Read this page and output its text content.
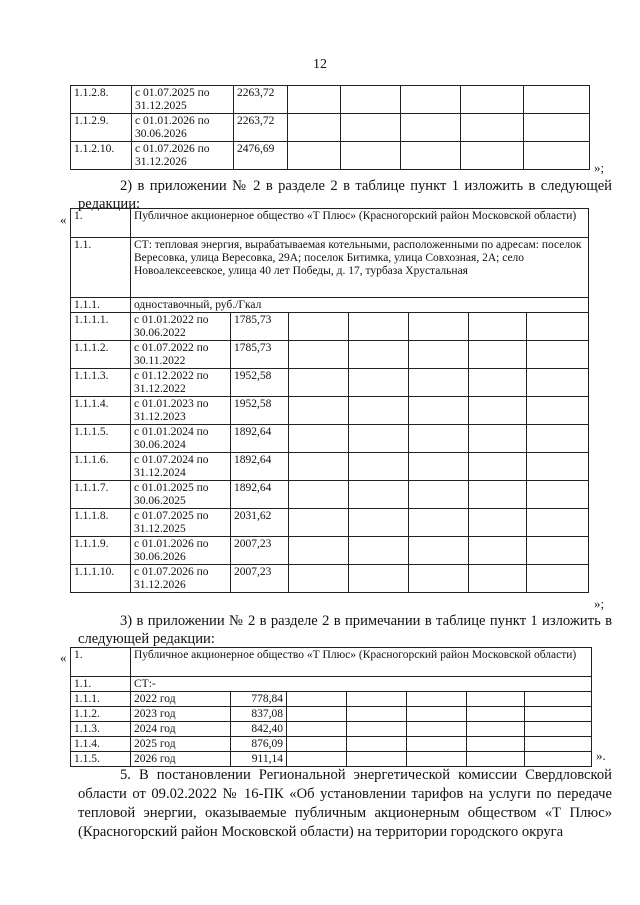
12
1.1.2.8.	с 01.07.2025 по
31.12.2025	2263,72					
1.1.2.9.	с 01.01.2026 по
30.06.2026	2263,72					
1.1.2.10.	с 01.07.2026 по
31.12.2026	2476,69					
»;
2) в приложении № 2 в разделе 2 в таблице пункт 1 изложить в следующей редакции:
« 1.	Публичное акционерное общество «Т Плюс» (Красногорский район Московской области)						
1.1.	СТ: тепловая энергия, вырабатываемая котельными, расположенными по адресам: поселок Вересовка, улица Вересовка, 29А; поселок Битимка, улица Совхозная, 2А; село Новоалексеевское, улица 40 лет Победы, д. 17, турбаза Хрустальная						
1.1.1.	одноставочный, руб./Гкал						
1.1.1.1.	с 01.01.2022 по
30.06.2022	1785,73					
1.1.1.2.	с 01.07.2022 по
30.11.2022	1785,73					
1.1.1.3.	с 01.12.2022 по
31.12.2022	1952,58					
1.1.1.4.	с 01.01.2023 по
31.12.2023	1952,58					
1.1.1.5.	с 01.01.2024 по
30.06.2024	1892,64					
1.1.1.6.	с 01.07.2024 по
31.12.2024	1892,64					
1.1.1.7.	с 01.01.2025 по
30.06.2025	1892,64					
1.1.1.8.	с 01.07.2025 по
31.12.2025	2031,62					
1.1.1.9.	с 01.01.2026 по
30.06.2026	2007,23					
1.1.1.10.	с 01.07.2026 по
31.12.2026	2007,23					
»;
3) в приложении № 2 в разделе 2 в примечании в таблице пункт 1 изложить в следующей редакции:
« 1.	Публичное акционерное общество «Т Плюс» (Красногорский район Московской области)						
1.1.	СТ:-						
1.1.1.	2022 год	778,84					
1.1.2.	2023 год	837,08					
1.1.3.	2024 год	842,40					
1.1.4.	2025 год	876,09					
1.1.5.	2026 год	911,14						».
5. В постановлении Региональной энергетической комиссии Свердловской области от 09.02.2022 № 16-ПК «Об установлении тарифов на услуги по передаче тепловой энергии, оказываемые публичным акционерным обществом «Т Плюс» (Красногорский район Московской области) на территории городского округа
